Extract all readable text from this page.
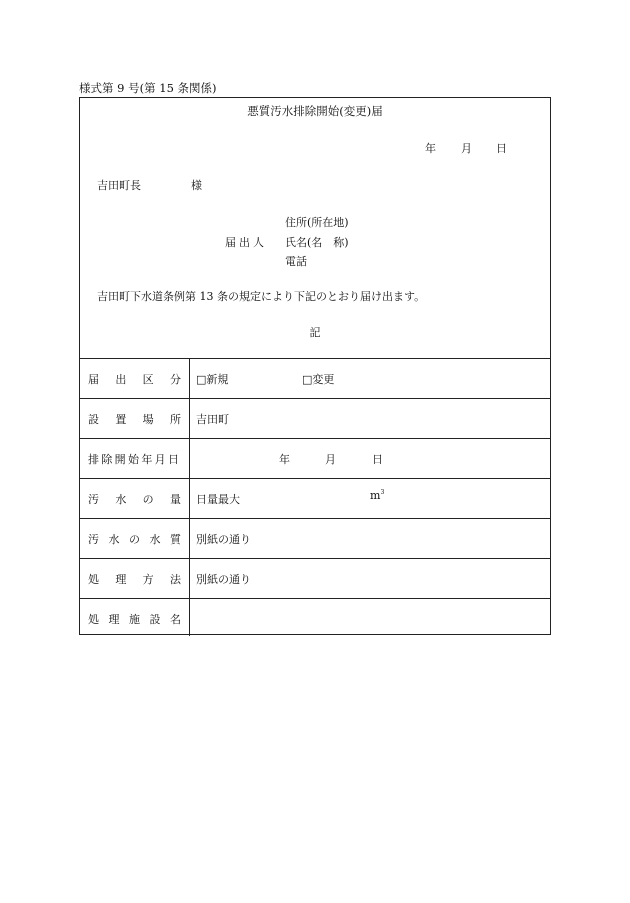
様式第 9 号(第 15 条関係)
悪質汚水排除開始(変更)届
年 月 日
吉田町長	様
住所(所在地)
届出人 氏名(名　称)
電話
吉田町下水道条例第 13 条の規定により下記のとおり届け出ます。
記
届 出 区 分 □新規	□変更
設 置 場 所 吉田町
排 除 開 始 年 月 日	年	月	日
汚 水 の 量 日量最大	$m^3$
汚 水 の 水 質 別紙の通り
処 理 方 法 別紙の通り
処 理 施 設 名
